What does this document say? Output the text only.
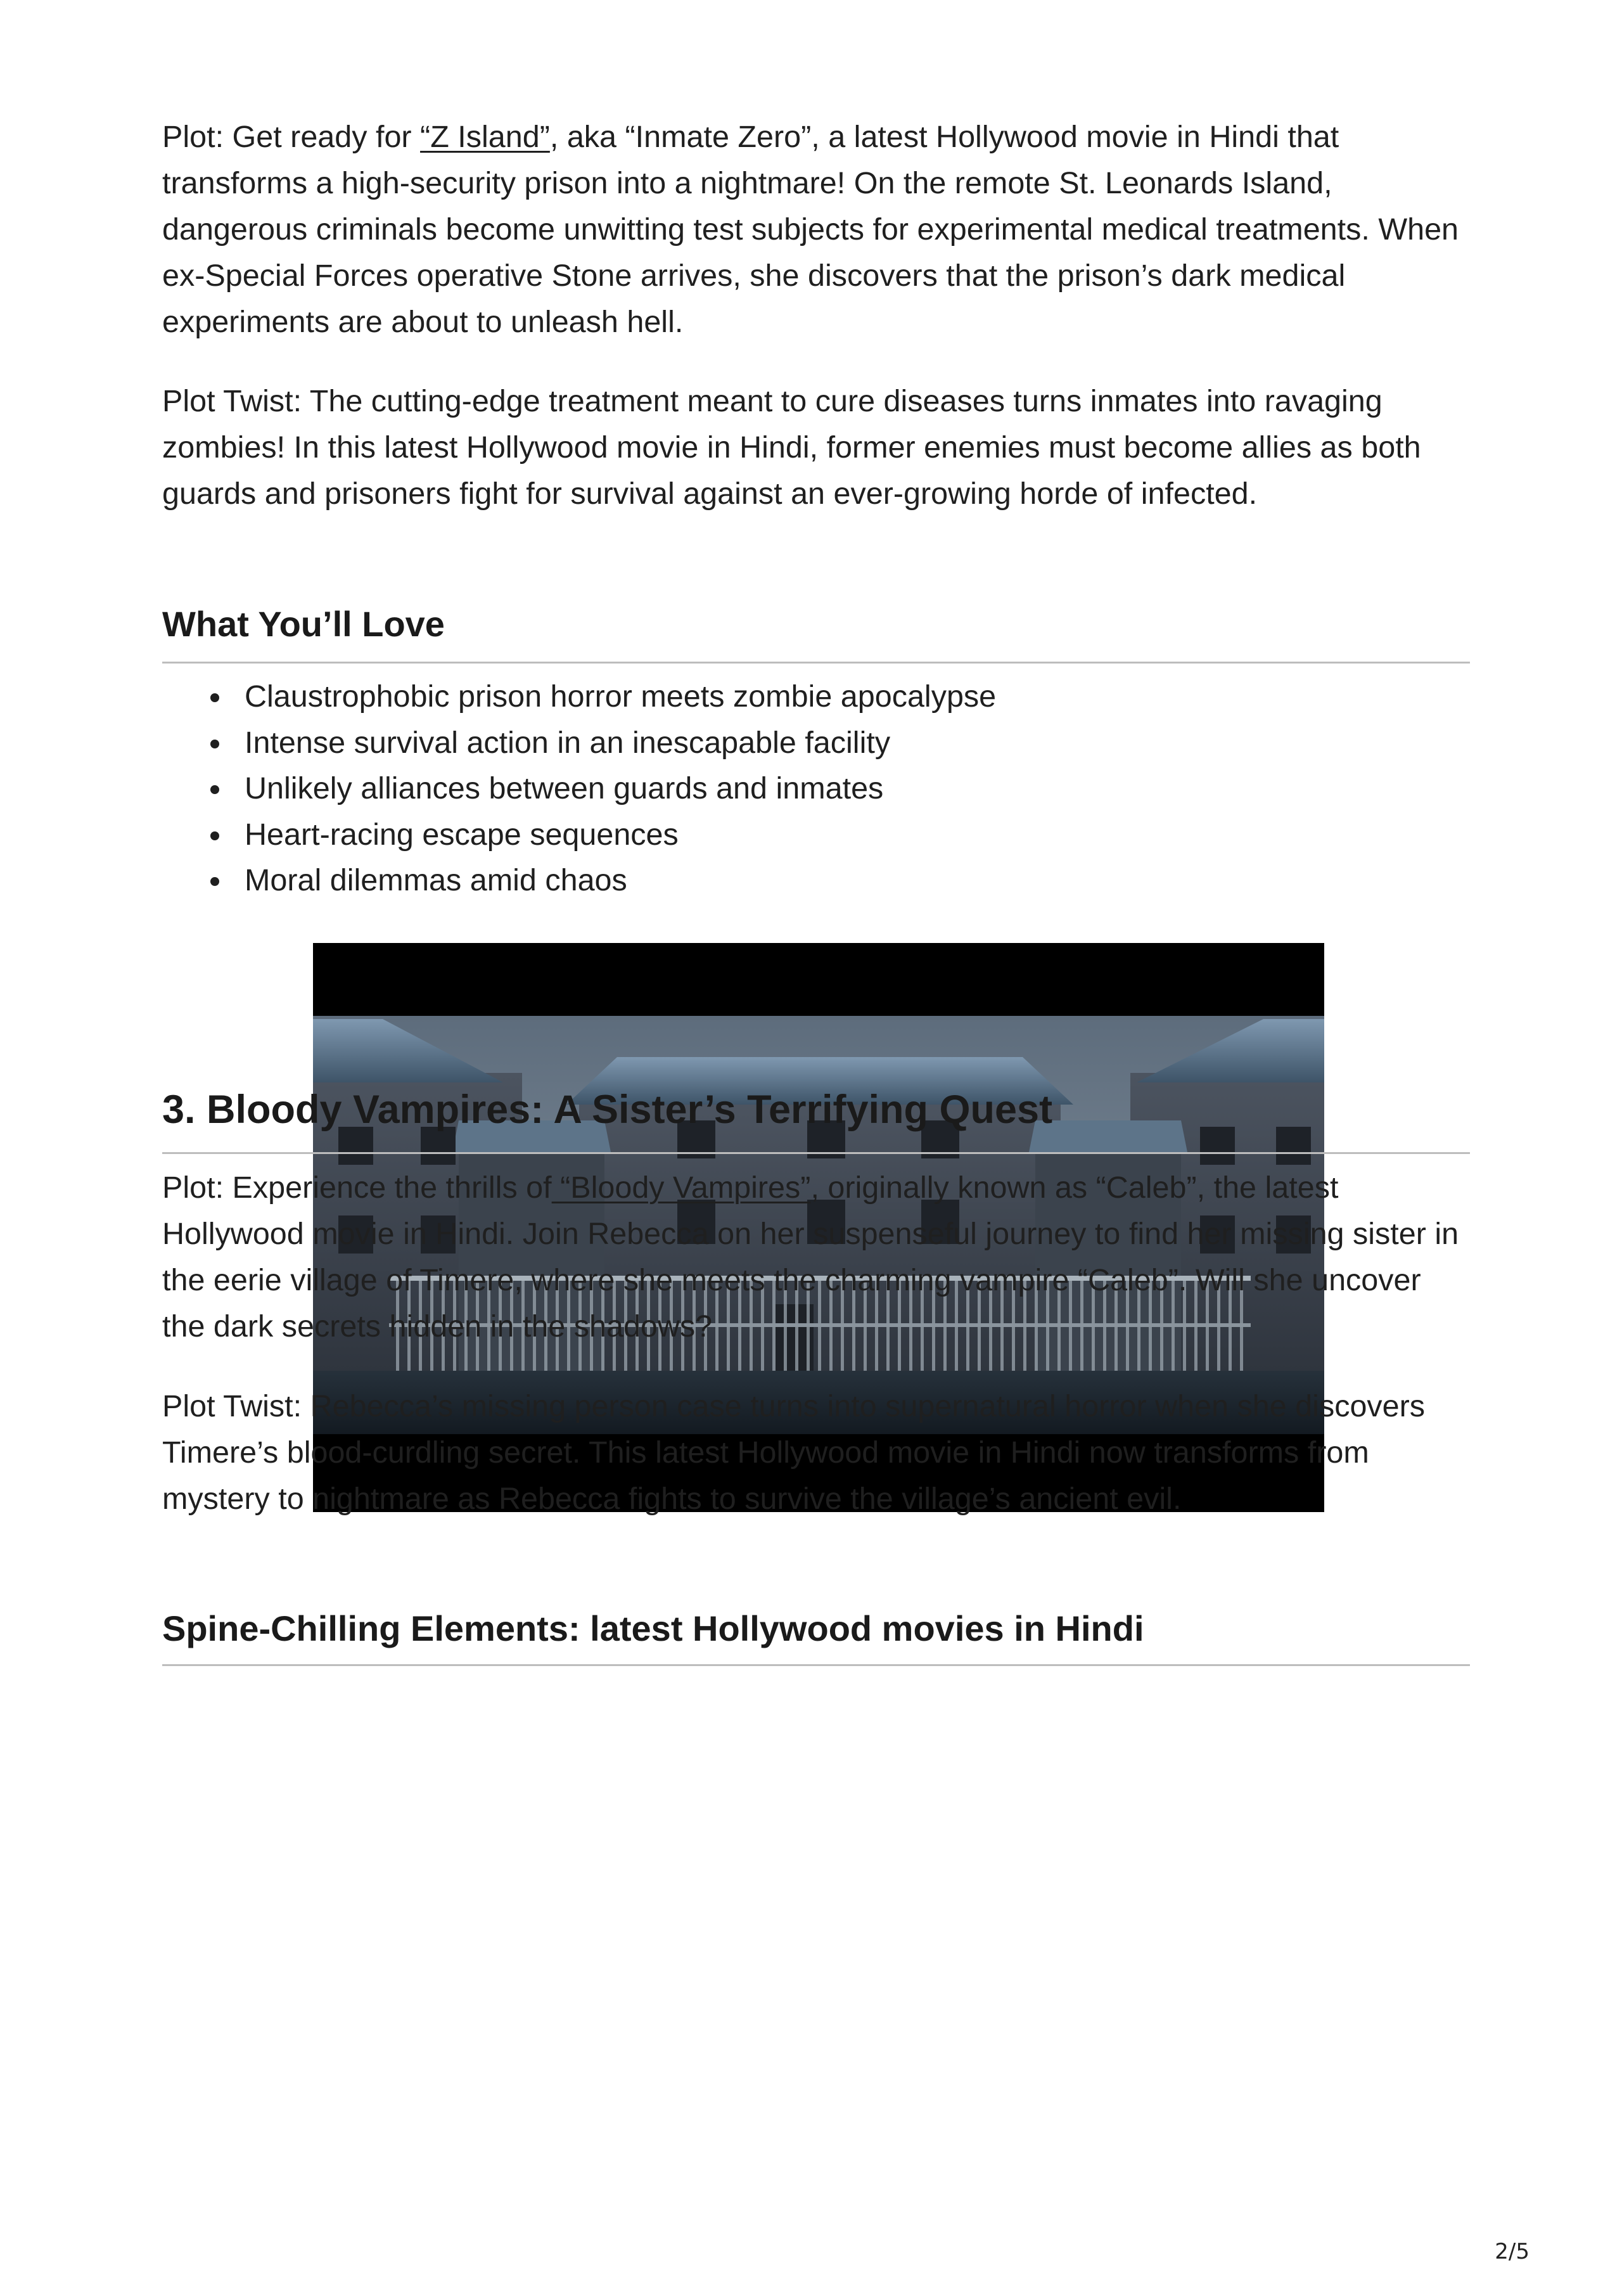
Plot: Get ready for “Z Island”, aka “Inmate Zero”, a latest Hollywood movie in Hindi that transforms a high-security prison into a nightmare! On the remote St. Leonards Island, dangerous criminals become unwitting test subjects for experimental medical treatments. When ex-Special Forces operative Stone arrives, she discovers that the prison’s dark medical experiments are about to unleash hell.

Plot Twist: The cutting-edge treatment meant to cure diseases turns inmates into ravaging zombies! In this latest Hollywood movie in Hindi, former enemies must become allies as both guards and prisoners fight for survival against an ever-growing horde of infected.

What You’ll Love
Claustrophobic prison horror meets zombie apocalypse
Intense survival action in an inescapable facility
Unlikely alliances between guards and inmates
Heart-racing escape sequences
Moral dilemmas amid chaos
3. Bloody Vampires: A Sister’s Terrifying Quest

Plot: Experience the thrills of “Bloody Vampires”, originally known as “Caleb”, the latest Hollywood movie in Hindi. Join Rebecca on her suspenseful journey to find her missing sister in the eerie village of Timere, where she meets the charming vampire “Caleb”. Will she uncover the dark secrets hidden in the shadows?

Plot Twist: Rebecca’s missing person case turns into supernatural horror when she discovers Timere’s blood-curdling secret. This latest Hollywood movie in Hindi now transforms from mystery to nightmare as Rebecca fights to survive the village’s ancient evil.

Spine-Chilling Elements: latest Hollywood movies in Hindi
2/5
